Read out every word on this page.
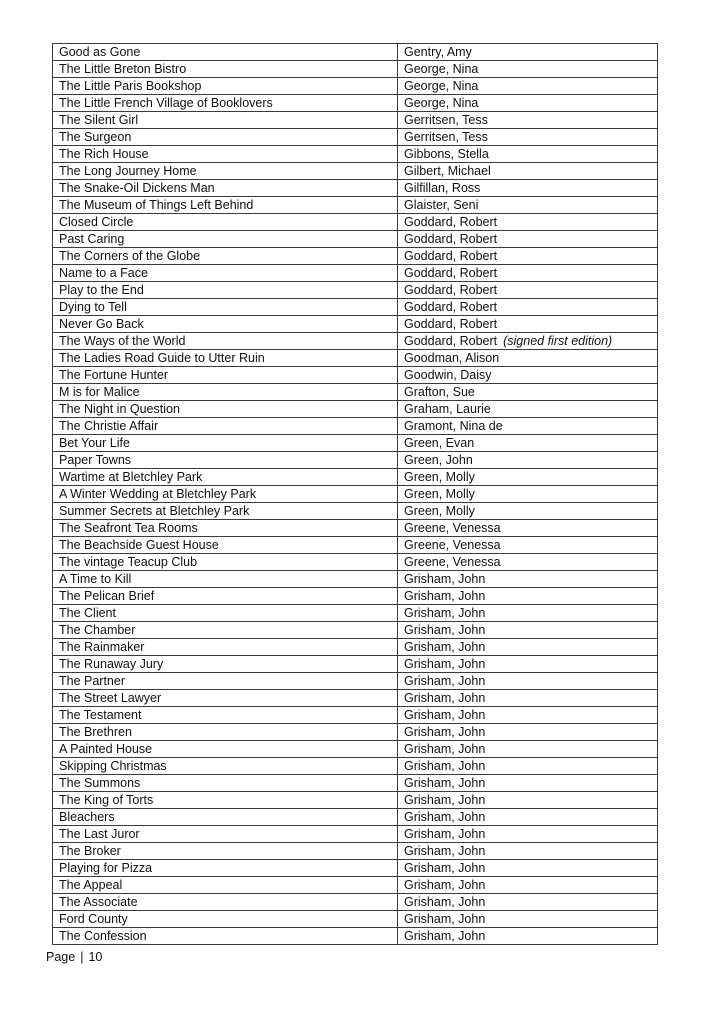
Good as Gone	Gentry, Amy
The Little Breton Bistro	George, Nina
The Little Paris Bookshop	George, Nina
The Little French Village of Booklovers	George, Nina
The Silent Girl	Gerritsen, Tess
The Surgeon	Gerritsen, Tess
The Rich House	Gibbons, Stella
The Long Journey Home	Gilbert, Michael
The Snake-Oil Dickens Man	Gilfillan, Ross
The Museum of Things Left Behind	Glaister, Seni
Closed Circle	Goddard, Robert
Past Caring	Goddard, Robert
The Corners of the Globe	Goddard, Robert
Name to a Face	Goddard, Robert
Play to the End	Goddard, Robert
Dying to Tell	Goddard, Robert
Never Go Back	Goddard, Robert
The Ways of the World	Goddard, Robert (signed first edition)
The Ladies Road Guide to Utter Ruin	Goodman, Alison
The Fortune Hunter	Goodwin, Daisy
M is for Malice	Grafton, Sue
The Night in Question	Graham, Laurie
The Christie Affair	Gramont, Nina de
Bet Your Life	Green, Evan
Paper Towns	Green, John
Wartime at Bletchley Park	Green, Molly
A Winter Wedding at Bletchley Park	Green, Molly
Summer Secrets at Bletchley Park	Green, Molly
The Seafront Tea Rooms	Greene, Venessa
The Beachside Guest House	Greene, Venessa
The vintage Teacup Club	Greene, Venessa
A Time to Kill	Grisham, John
The Pelican Brief	Grisham, John
The Client	Grisham, John
The Chamber	Grisham, John
The Rainmaker	Grisham, John
The Runaway Jury	Grisham, John
The Partner	Grisham, John
The Street Lawyer	Grisham, John
The Testament	Grisham, John
The Brethren	Grisham, John
A Painted House	Grisham, John
Skipping Christmas	Grisham, John
The Summons	Grisham, John
The King of Torts	Grisham, John
Bleachers	Grisham, John
The Last Juror	Grisham, John
The Broker	Grisham, John
Playing for Pizza	Grisham, John
The Appeal	Grisham, John
The Associate	Grisham, John
Ford County	Grisham, John
The Confession	Grisham, John
Page | 10
